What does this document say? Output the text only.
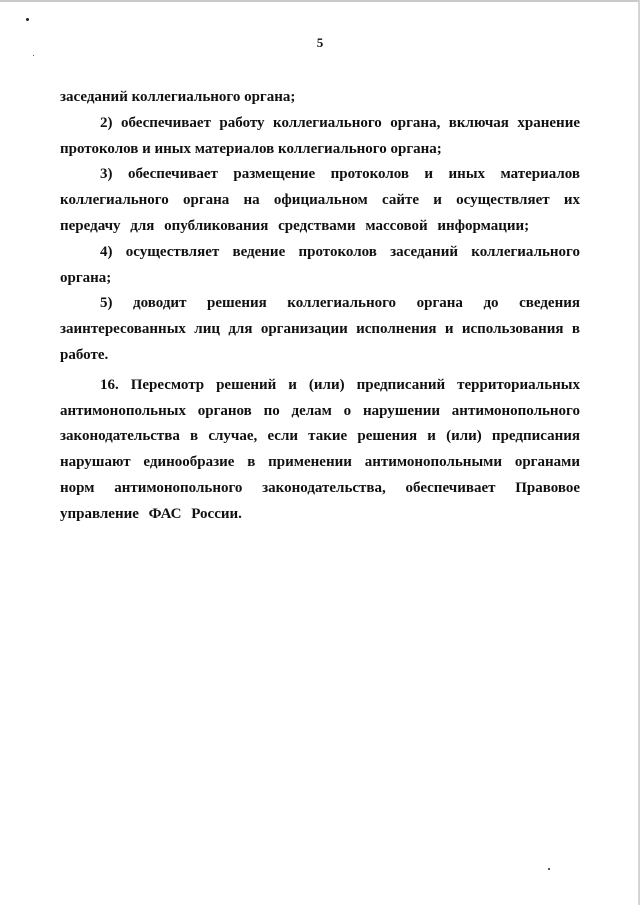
5

заседаний коллегиального органа;

2) обеспечивает работу коллегиального органа, включая хранение протоколов и иных материалов коллегиального органа;

3) обеспечивает размещение протоколов и иных материалов коллегиального органа на официальном сайте и осуществляет их передачу для опубликования средствами массовой информации;

4) осуществляет ведение протоколов заседаний коллегиального органа;

5) доводит решения коллегиального органа до сведения заинтересованных лиц для организации исполнения и использования в работе.

16. Пересмотр решений и (или) предписаний территориальных антимонопольных органов по делам о нарушении антимонопольного законодательства в случае, если такие решения и (или) предписания нарушают единообразие в применении антимонопольными органами норм антимонопольного законодательства, обеспечивает Правовое управление ФАС России.
